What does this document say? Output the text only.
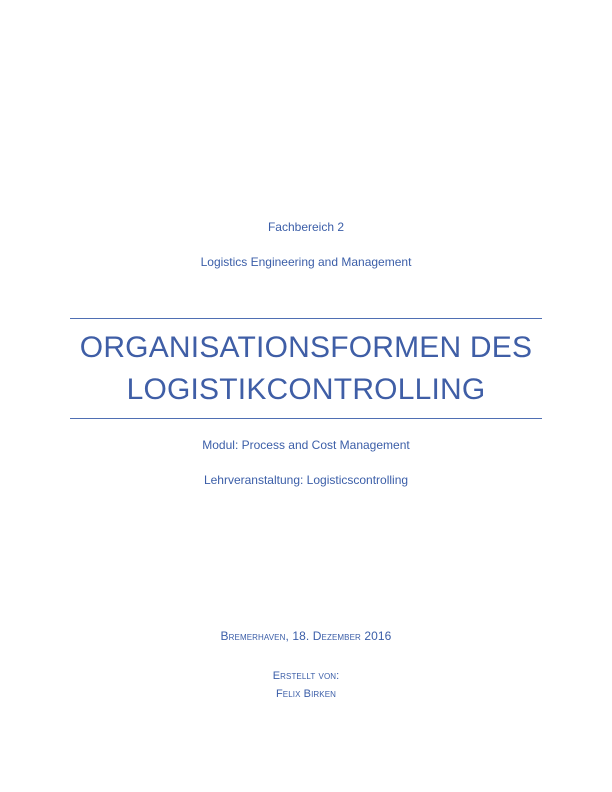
Fachbereich 2
Logistics Engineering and Management
ORGANISATIONSFORMEN DES
LOGISTIKCONTROLLING
Modul: Process and Cost Management
Lehrveranstaltung: Logisticscontrolling
Bremerhaven, 18. Dezember 2016
Erstellt von:
Felix Birken
